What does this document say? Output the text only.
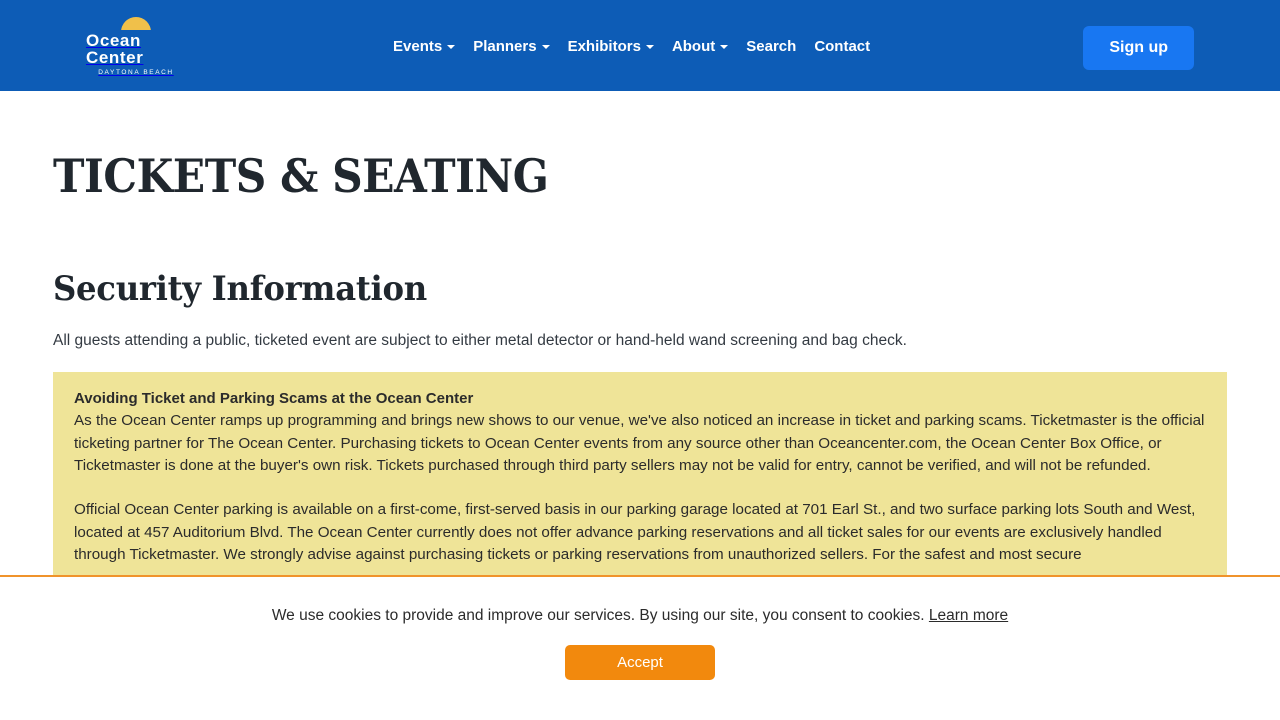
Ocean Center
DAYTONA BEACH
Events Planners Exhibitors About Search Contact	Sign up
TICKETS & SEATING
Security Information

All guests attending a public, ticketed event are subject to either metal detector or hand-held wand screening and bag check.

Avoiding Ticket and Parking Scams at the Ocean Center

As the Ocean Center ramps up programming and brings new shows to our venue, we've also noticed an increase in ticket and parking scams. Ticketmaster is the official ticketing partner for The Ocean Center. Purchasing tickets to Ocean Center events from any source other than Oceancenter.com, the Ocean Center Box Office, or Ticketmaster is done at the buyer's own risk. Tickets purchased through third party sellers may not be valid for entry, cannot be verified, and will not be refunded.

Official Ocean Center parking is available on a first-come, first-served basis in our parking garage located at 701 Earl St., and two surface parking lots South and West, located at 457 Auditorium Blvd. The Ocean Center currently does not offer advance parking reservations and all ticket sales for our events are exclusively handled through Ticketmaster. We strongly advise against purchasing tickets or parking reservations from unauthorized sellers. For the safest and most secure

We use cookies to provide and improve our services. By using our site, you consent to cookies. Learn more
Accept
